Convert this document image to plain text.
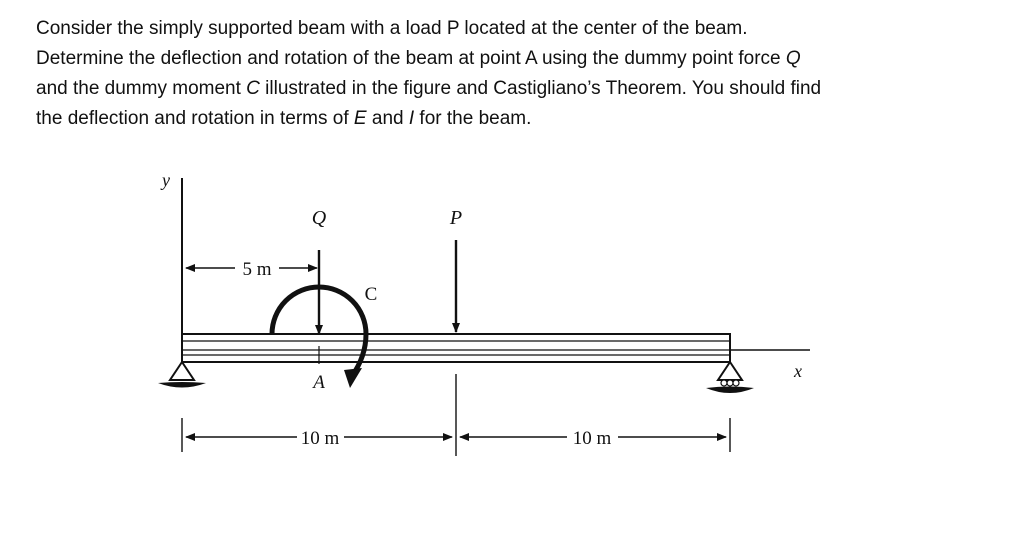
Consider the simply supported beam with a load P located at the center of the beam.
Determine the deflection and rotation of the beam at point A using the dummy point force Q
and the dummy moment C illustrated in the figure and Castigliano’s Theorem. You should find
the deflection and rotation in terms of E and I for the beam.
y
x
5 m
Q
C
A
P
10 m	10 m
